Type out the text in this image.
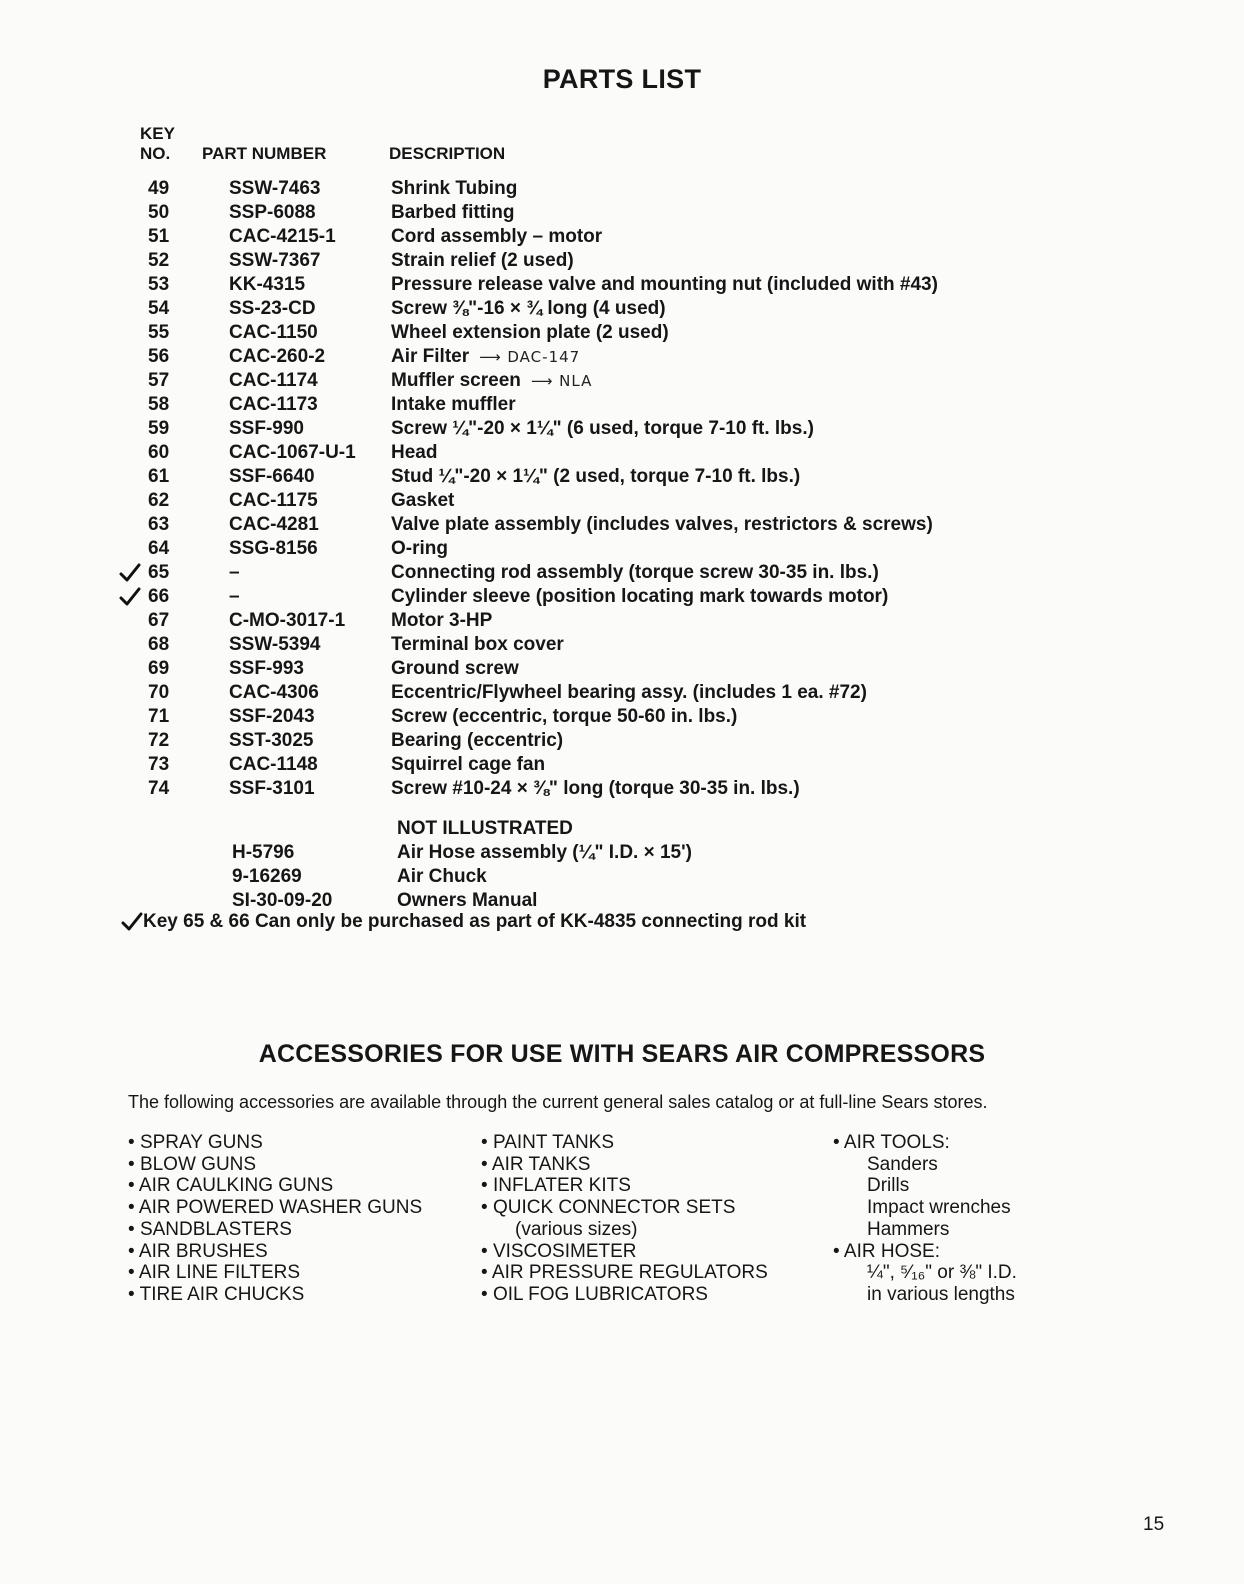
PARTS LIST
KEY
NO. PART NUMBER	DESCRIPTION
49	SSW-7463	Shrink Tubing
50	SSP-6088	Barbed fitting
51	CAC-4215-1	Cord assembly – motor
52	SSW-7367	Strain relief (2 used)
53	KK-4315	Pressure release valve and mounting nut (included with #43)
54	SS-23-CD	Screw ⅜"-16 × ¾ long (4 used)
55	CAC-1150	Wheel extension plate (2 used)
56	CAC-260-2	Air Filter ⟶ DAC-147
57	CAC-1174	Muffler screen ⟶ NLA
58	CAC-1173	Intake muffler
59	SSF-990	Screw ¼"-20 × 1¼" (6 used, torque 7-10 ft. lbs.)
60	CAC-1067-U-1 Head
61	SSF-6640	Stud ¼"-20 × 1¼" (2 used, torque 7-10 ft. lbs.)
62	CAC-1175	Gasket
63	CAC-4281	Valve plate assembly (includes valves, restrictors & screws)
64	SSG-8156	O-ring
65	–	Connecting rod assembly (torque screw 30-35 in. lbs.)
66	–	Cylinder sleeve (position locating mark towards motor)
67	C-MO-3017-1 Motor 3-HP
68	SSW-5394	Terminal box cover
69	SSF-993	Ground screw
70	CAC-4306	Eccentric/Flywheel bearing assy. (includes 1 ea. #72)
71	SSF-2043	Screw (eccentric, torque 50-60 in. lbs.)
72	SST-3025	Bearing (eccentric)
73	CAC-1148	Squirrel cage fan
74	SSF-3101	Screw #10-24 × ⅜" long (torque 30-35 in. lbs.)
NOT ILLUSTRATED
H-5796	Air Hose assembly (¼" I.D. × 15')
9-16269	Air Chuck
SI-30-09-20	Owners Manual
Key 65 & 66 Can only be purchased as part of KK-4835 connecting rod kit
ACCESSORIES FOR USE WITH SEARS AIR COMPRESSORS
The following accessories are available through the current general sales catalog or at full-line Sears stores.
• SPRAY GUNS
• BLOW GUNS
• AIR CAULKING GUNS
• AIR POWERED WASHER GUNS
• SANDBLASTERS
• AIR BRUSHES
• AIR LINE FILTERS
• TIRE AIR CHUCKS
• PAINT TANKS
• AIR TANKS
• INFLATER KITS
• QUICK CONNECTOR SETS
(various sizes)
• VISCOSIMETER
• AIR PRESSURE REGULATORS
• OIL FOG LUBRICATORS
• AIR TOOLS:
Sanders
Drills
Impact wrenches
Hammers
• AIR HOSE:
¼", ⁵⁄₁₆" or ⅜" I.D.
in various lengths
15
